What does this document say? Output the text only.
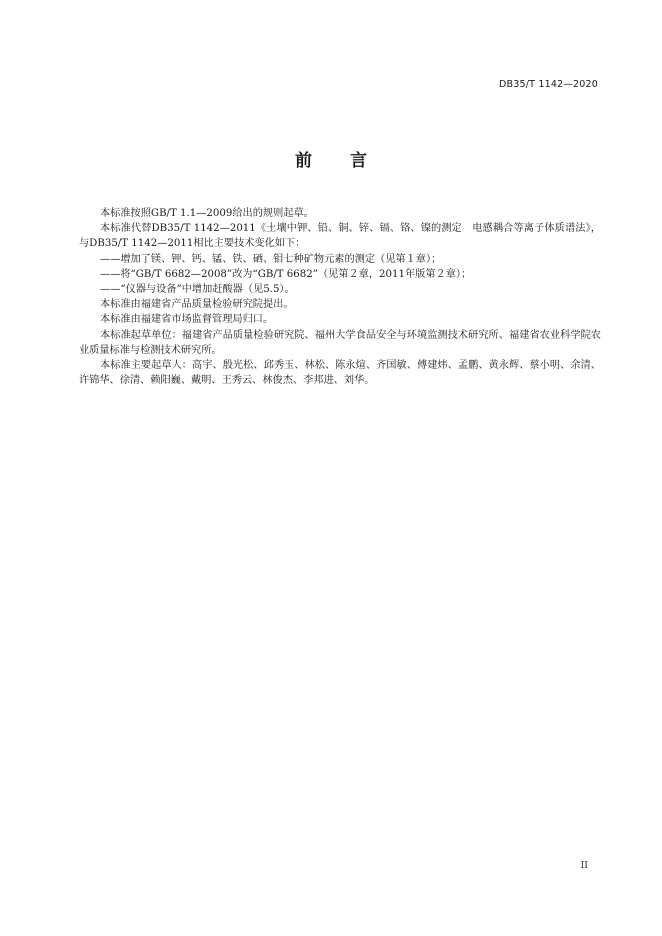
DB35/T 1142—2020
前言

本标准按照GB/T 1.1—2009给出的规则起草。

本标准代替DB35/T 1142—2011《土壤中钾、铅、铜、锌、镉、铬、镍的测定　电感耦合等离子体质谱法》，与DB35/T 1142—2011相比主要技术变化如下：

——增加了镁、钾、钙、锰、铁、硒、钼七种矿物元素的测定（见第１章）；

——将“GB/T 6682—2008”改为“GB/T 6682”（见第２章，2011年版第２章）；

——“仪器与设备”中增加赶酸器（见5.5）。

本标准由福建省产品质量检验研究院提出。

本标准由福建省市场监督管理局归口。

本标准起草单位：福建省产品质量检验研究院、福州大学食品安全与环境监测技术研究所、福建省农业科学院农业质量标准与检测技术研究所。

本标准主要起草人：高宇、殷光松、邱秀玉、林松、陈永煊、齐国敏、傅建炜、孟鹏、黄永辉、蔡小明、余清、许锦华、徐清、赖阳巍、戴明、王秀云、林俊杰、李邦进、刘华。

II
